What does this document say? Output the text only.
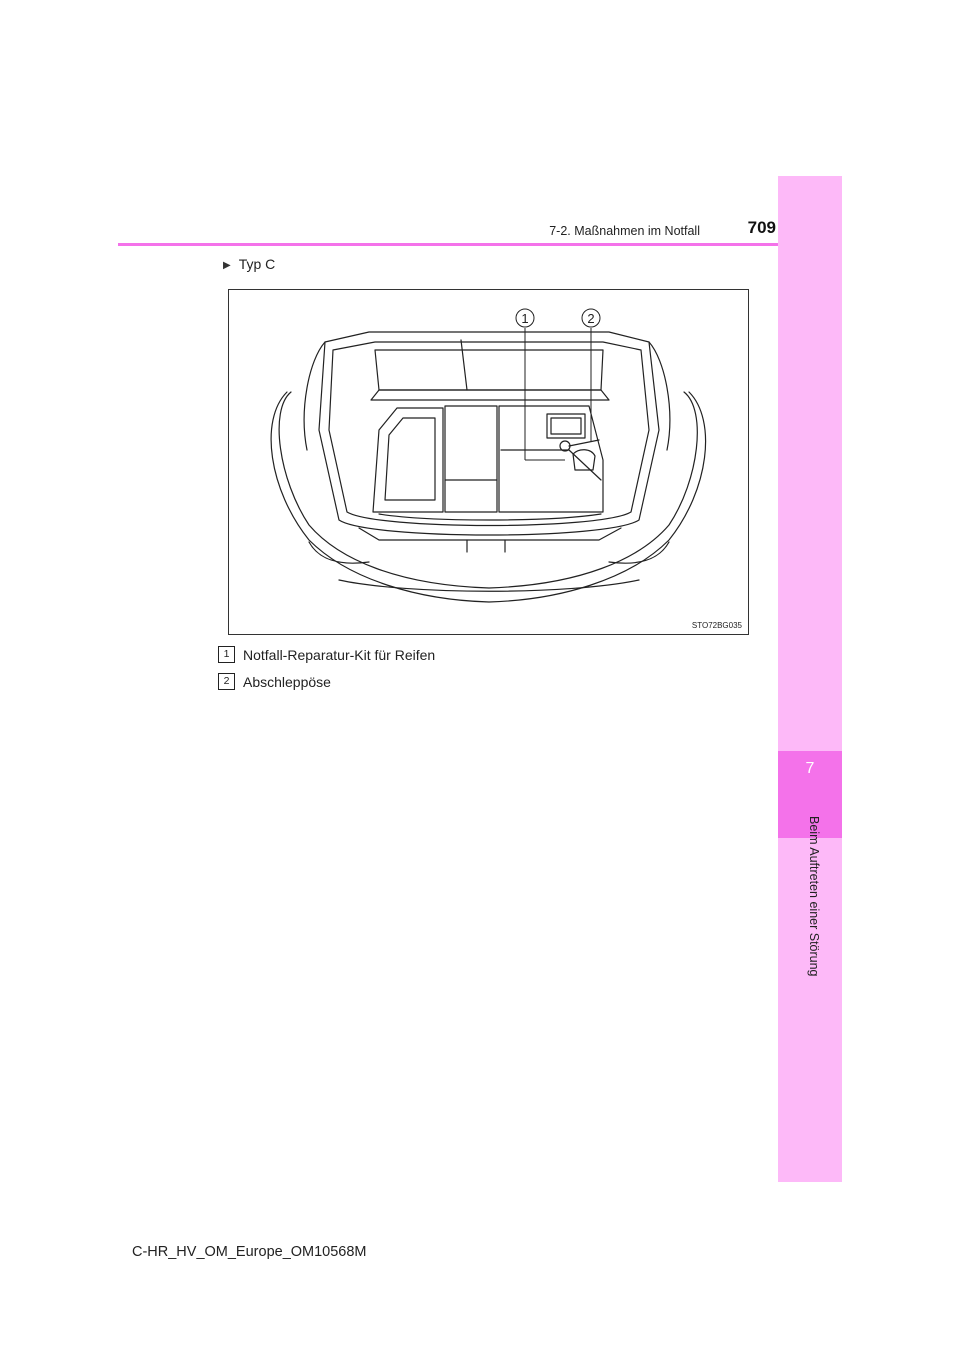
7
Beim Auftreten einer Störung
7-2. Maßnahmen im Notfall	709
▶ Typ C
1	2
STO72BG035
1 Notfall-Reparatur-Kit für Reifen
2 Abschleppöse
C-HR_HV_OM_Europe_OM10568M
